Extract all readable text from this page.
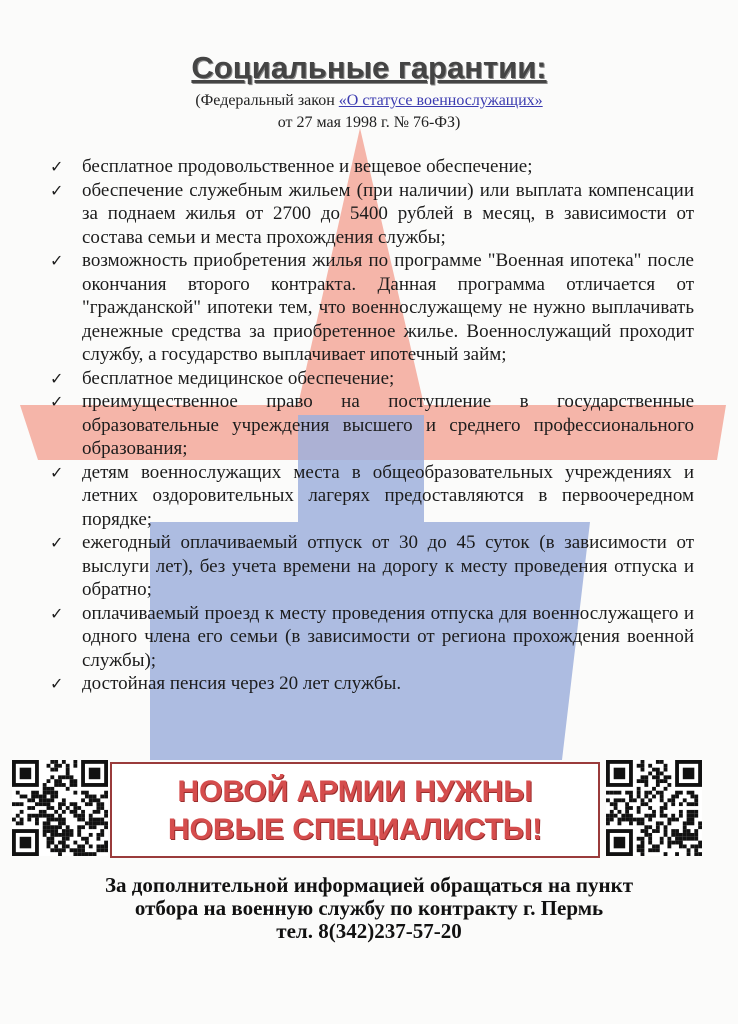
Социальные гарантии:
(Федеральный закон «О статусе военнослужащих»
от 27 мая 1998 г. № 76-ФЗ)
✓ бесплатное продовольственное и вещевое обеспечение;
✓ обеспечение служебным жильем (при наличии) или выплата компенсации за поднаем жилья от 2700 до 5400 рублей в месяц, в зависимости от состава семьи и места прохождения службы;
✓ возможность приобретения жилья по программе "Военная ипотека" после окончания второго контракта. Данная программа отличается от "гражданской" ипотеки тем, что военнослужащему не нужно выплачивать денежные средства за приобретенное жилье. Военнослужащий проходит службу, а государство выплачивает ипотечный займ;
✓ бесплатное медицинское обеспечение;
✓ преимущественное право на поступление в государственные образовательные учреждения высшего и среднего профессионального образования;
✓ детям военнослужащих места в общеобразовательных учреждениях и летних оздоровительных лагерях предоставляются в первоочередном порядке;
✓ ежегодный оплачиваемый отпуск от 30 до 45 суток (в зависимости от выслуги лет), без учета времени на дорогу к месту проведения отпуска и обратно;
✓ оплачиваемый проезд к месту проведения отпуска для военнослужащего и одного члена его семьи (в зависимости от региона прохождения военной службы);
✓ достойная пенсия через 20 лет службы.
НОВОЙ АРМИИ НУЖНЫ
НОВЫЕ СПЕЦИАЛИСТЫ!
За дополнительной информацией обращаться на пункт
отбора на военную службу по контракту г. Пермь
тел. 8(342)237-57-20
